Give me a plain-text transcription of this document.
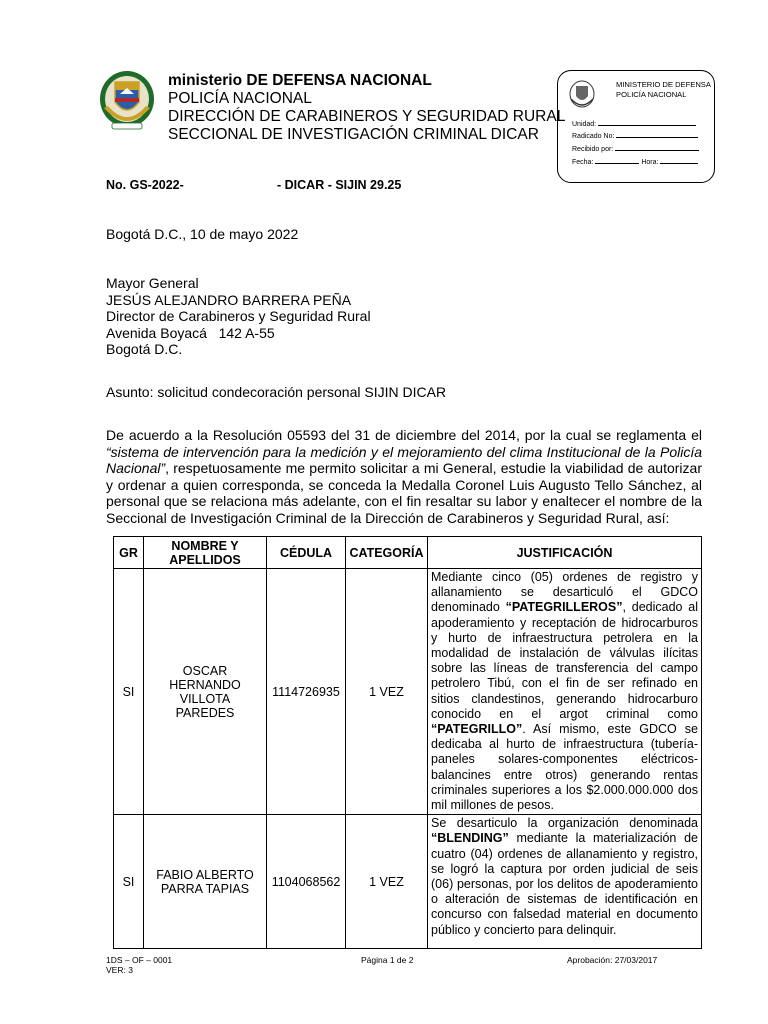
ministerio DE DEFENSA NACIONAL
POLICÍA NACIONAL
DIRECCIÓN DE CARABINEROS Y SEGURIDAD RURAL
SECCIONAL DE INVESTIGACIÓN CRIMINAL DICAR
MINISTERIO DE DEFENSA
POLICÍA NACIONAL
Unidad:
Radicado No:
Recibido por:
Fecha:	Hora:
No. GS-2022-	- DICAR - SIJIN 29.25
Bogotá D.C., 10 de mayo 2022
Mayor General
JESÚS ALEJANDRO BARRERA PEÑA
Director de Carabineros y Seguridad Rural
Avenida Boyacá   142 A-55
Bogotá D.C.
Asunto: solicitud condecoración personal SIJIN DICAR
De acuerdo a la Resolución 05593 del 31 de diciembre del 2014, por la cual se reglamenta el “sistema de intervención para la medición y el mejoramiento del clima Institucional de la Policía Nacional”, respetuosamente me permito solicitar a mi General, estudie la viabilidad de autorizar y ordenar a quien corresponda, se conceda la Medalla Coronel Luis Augusto Tello Sánchez, al personal que se relaciona más adelante, con el fin resaltar su labor y enaltecer el nombre de la Seccional de Investigación Criminal de la Dirección de Carabineros y Seguridad Rural, así:
GR	NOMBRE Y APELLIDOS	CÉDULA	CATEGORÍA	JUSTIFICACIÓN
SI	OSCAR HERNANDO VILLOTA PAREDES	1114726935	1 VEZ	Mediante cinco (05) ordenes de registro y allanamiento se desarticuló el GDCO denominado “PATEGRILLEROS”, dedicado al apoderamiento y receptación de hidrocarburos y hurto de infraestructura petrolera en la modalidad de instalación de válvulas ilícitas sobre las líneas de transferencia del campo petrolero Tibú, con el fin de ser refinado en sitios clandestinos, generando hidrocarburo conocido en el argot criminal como “PATEGRILLO”. Así mismo, este GDCO se dedicaba al hurto de infraestructura (tubería-paneles solares-componentes eléctricos-balancines entre otros) generando rentas criminales superiores a los $2.000.000.000 dos mil millones de pesos.
SI	FABIO ALBERTO PARRA TAPIAS	1104068562	1 VEZ	Se desarticulo la organización denominada “BLENDING” mediante la materialización de cuatro (04) ordenes de allanamiento y registro, se logró la captura por orden judicial de seis (06) personas, por los delitos de apoderamiento o alteración de sistemas de identificación en concurso con falsedad material en documento público y concierto para delinquir.
1DS – OF – 0001
VER: 3
Página 1 de 2	Aprobación: 27/03/2017
